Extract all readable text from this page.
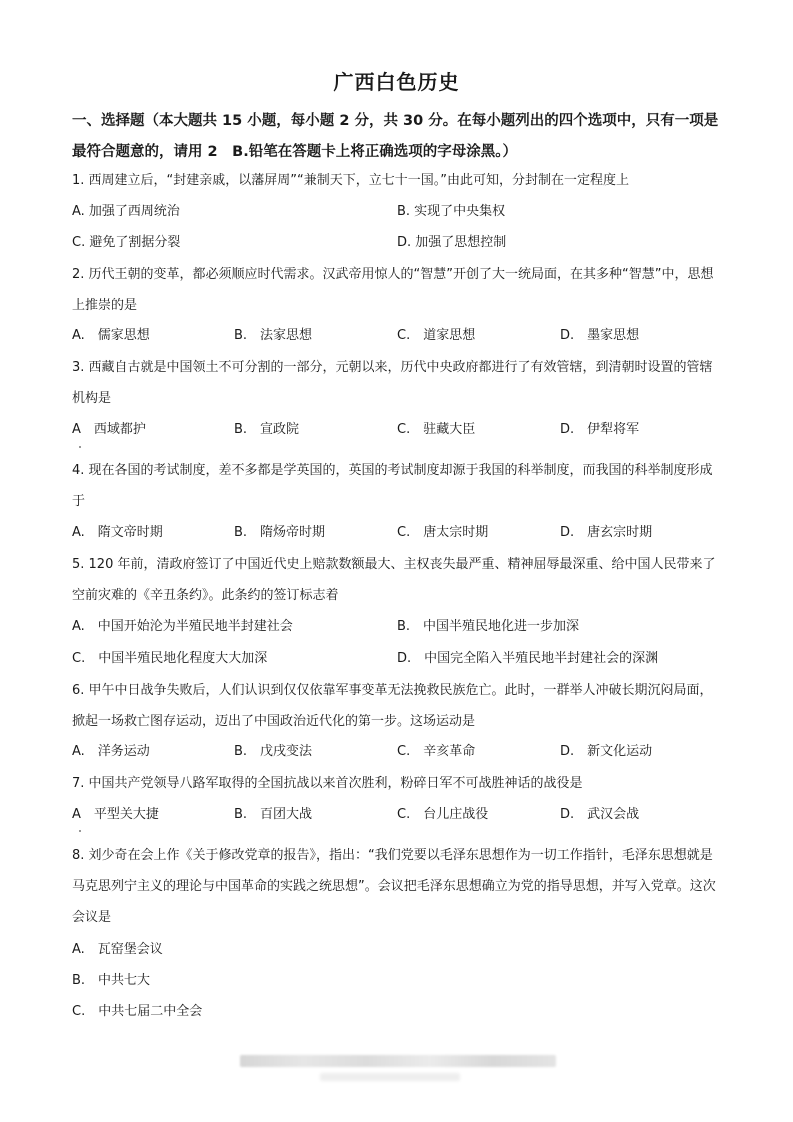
广西白色历史
一、选择题（本大题共 15 小题，每小题 2 分，共 30 分。在每小题列出的四个选项中，只有一项是最符合题意的，请用 2　B.铅笔在答题卡上将正确选项的字母涂黑。）
1. 西周建立后，“封建亲戚，以藩屏周”“兼制天下，立七十一国。”由此可知，分封制在一定程度上
A. 加强了西周统治	B. 实现了中央集权
C. 避免了割据分裂	D. 加强了思想控制
2. 历代王朝的变革，都必须顺应时代需求。汉武帝用惊人的“智慧”开创了大一统局面，在其多种“智慧”中，思想上推崇的是
A.　儒家思想	B.　法家思想	C.　道家思想	D.　墨家思想
3. 西藏自古就是中国领土不可分割的一部分，元朝以来，历代中央政府都进行了有效管辖，到清朝时设置的管辖机构是
A　西域都护	B.　宣政院	C.　驻藏大臣	D.　伊犁将军
4. 现在各国的考试制度，差不多都是学英国的，英国的考试制度却源于我国的科举制度，而我国的科举制度形成于
A.　隋文帝时期	B.　隋炀帝时期	C.　唐太宗时期	D.　唐玄宗时期
5. 120 年前，清政府签订了中国近代史上赔款数额最大、主权丧失最严重、精神屈辱最深重、给中国人民带来了空前灾难的《辛丑条约》。此条约的签订标志着
A.　中国开始沦为半殖民地半封建社会	B.　中国半殖民地化进一步加深
C.　中国半殖民地化程度大大加深	D.　中国完全陷入半殖民地半封建社会的深渊
6. 甲午中日战争失败后，人们认识到仅仅依靠军事变革无法挽救民族危亡。此时，一群举人冲破长期沉闷局面，掀起一场救亡图存运动，迈出了中国政治近代化的第一步。这场运动是
A.　洋务运动	B.　戊戌变法	C.　辛亥革命	D.　新文化运动
7. 中国共产党领导八路军取得的全国抗战以来首次胜利，粉碎日军不可战胜神话的战役是
A　平型关大捷	B.　百团大战	C.　台儿庄战役	D.　武汉会战
8. 刘少奇在会上作《关于修改党章的报告》，指出：“我们党要以毛泽东思想作为一切工作指针，毛泽东思想就是马克思列宁主义的理论与中国革命的实践之统思想”。会议把毛泽东思想确立为党的指导思想，并写入党章。这次会议是
A.　瓦窑堡会议
B.　中共七大
C.　中共七届二中全会
